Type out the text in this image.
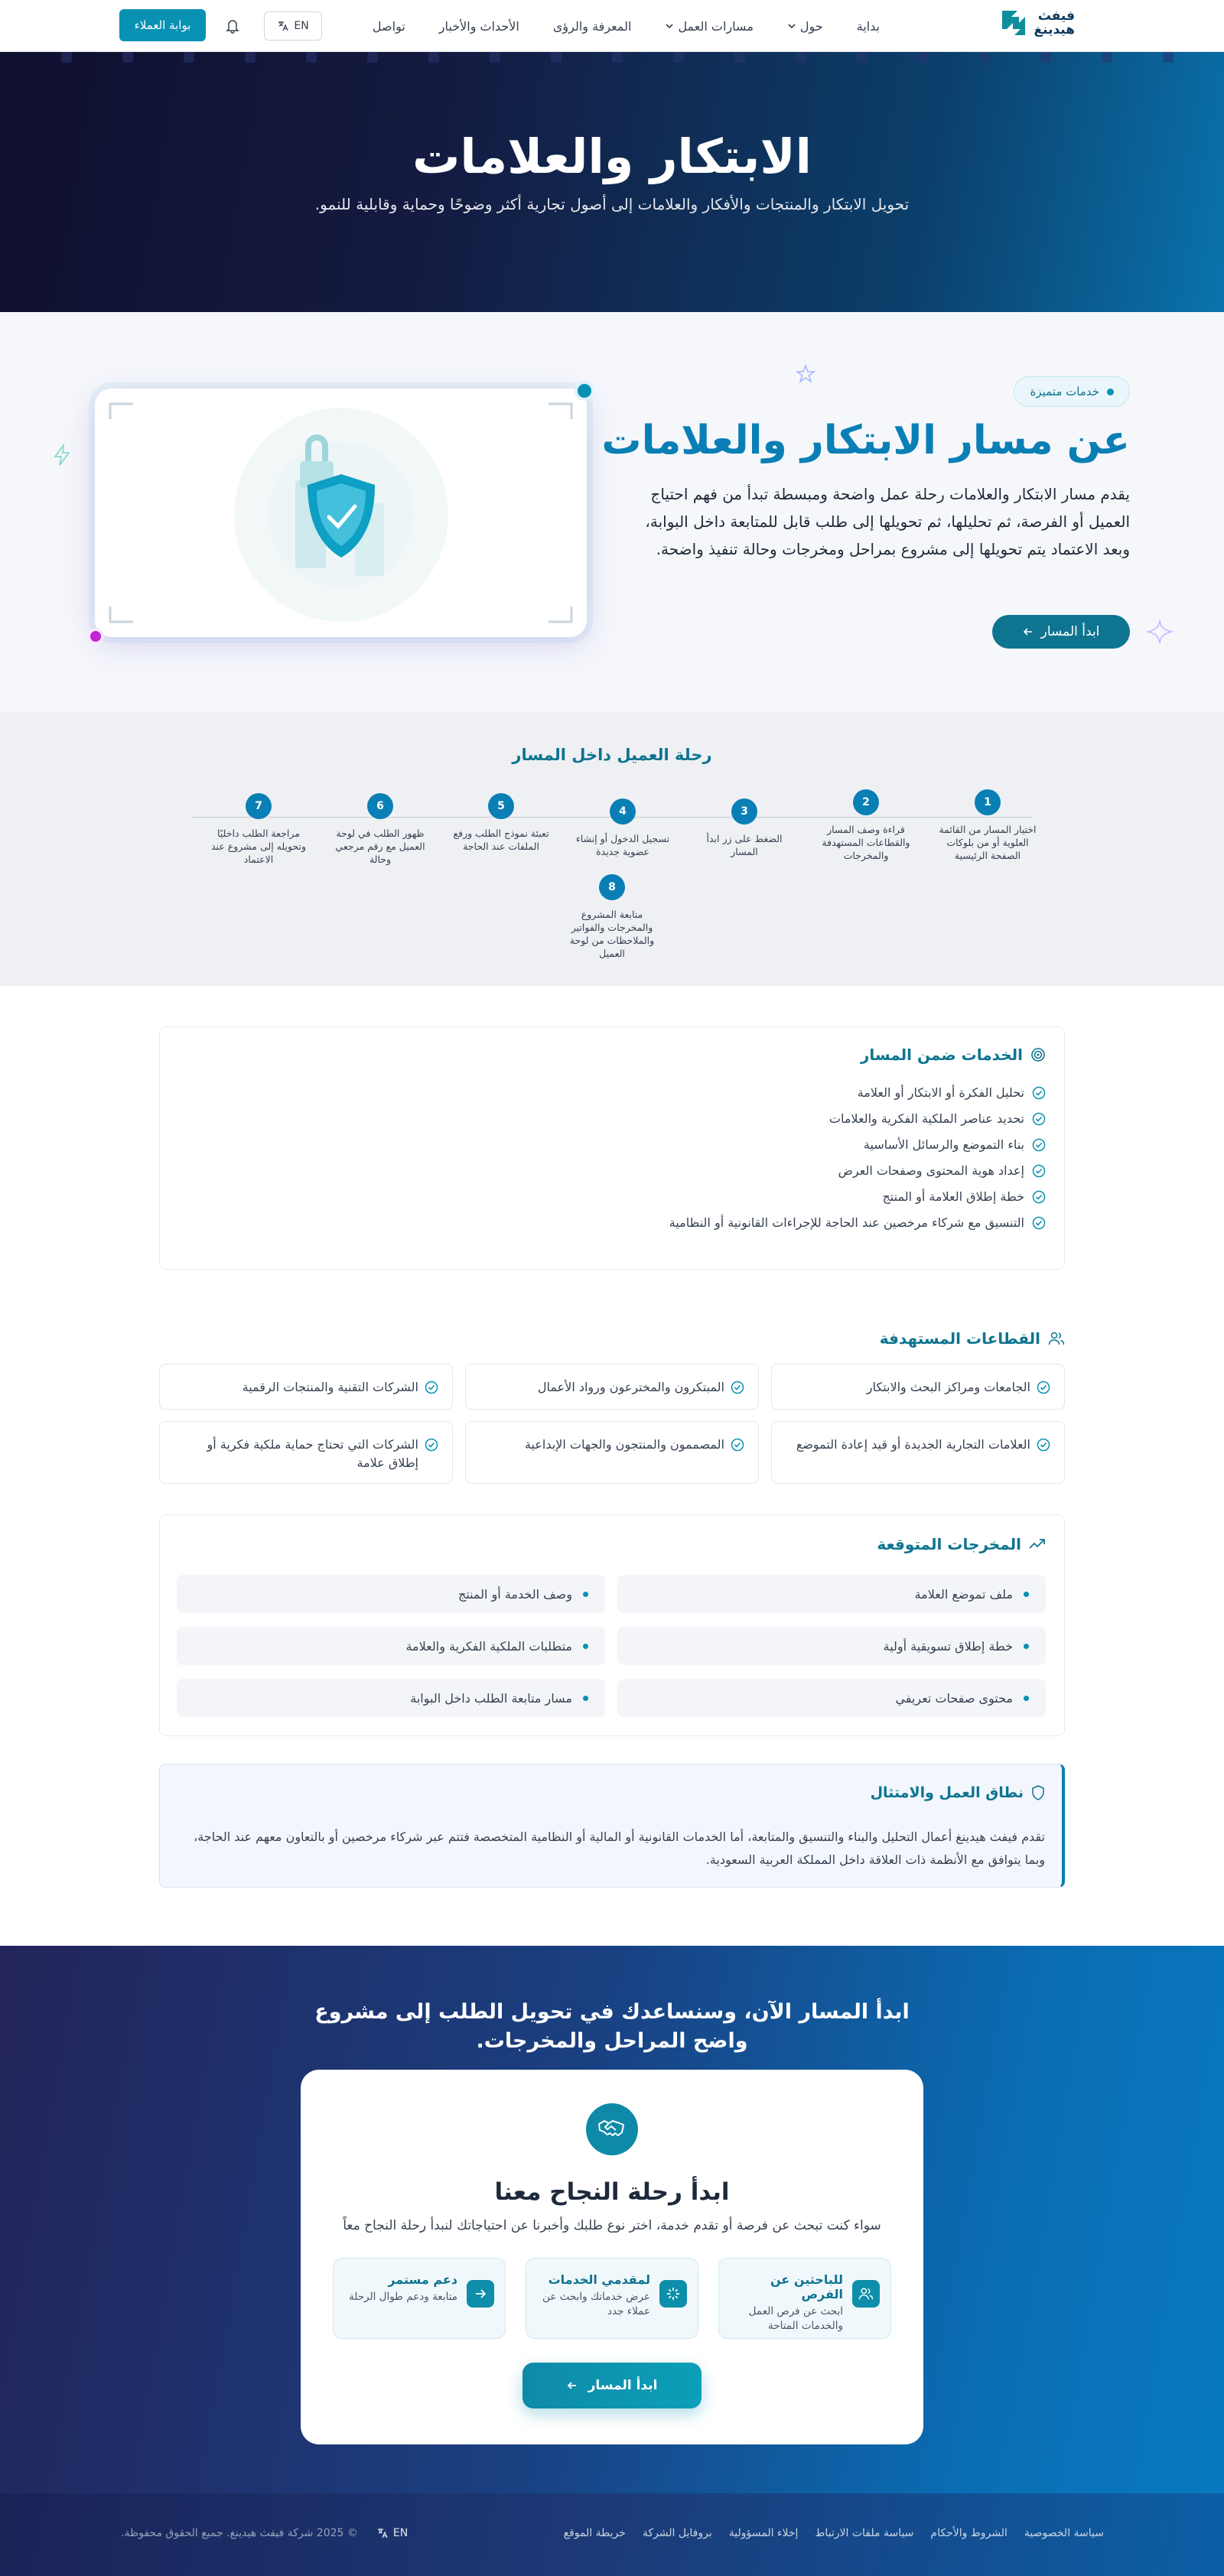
فيفث
هيدينغ
بداية
حول
مسارات العمل
المعرفة والرؤى
الأحداث والأخبار
تواصل
EN
بوابة العملاء
الابتكار والعلامات

تحويل الابتكار والمنتجات والأفكار والعلامات إلى أصول تجارية أكثر وضوحًا وحماية وقابلية للنمو.

خدمات متميزة
عن مسار الابتكار والعلامات

يقدم مسار الابتكار والعلامات رحلة عمل واضحة ومبسطة تبدأ من فهم احتياج العميل أو الفرصة، ثم تحليلها، ثم تحويلها إلى طلب قابل للمتابعة داخل البوابة، وبعد الاعتماد يتم تحويلها إلى مشروع بمراحل ومخرجات وحالة تنفيذ واضحة.

ابدأ المسار
رحلة العميل داخل المسار
1
اختيار المسار من القائمة العلوية أو من بلوكات الصفحة الرئيسية
2
قراءة وصف المسار والقطاعات المستهدفة والمخرجات
3
الضغط على زر ابدأ المسار
4
تسجيل الدخول أو إنشاء عضوية جديدة
5
تعبئة نموذج الطلب ورفع الملفات عند الحاجة
6
ظهور الطلب في لوحة العميل مع رقم مرجعي وحالة
7
مراجعة الطلب داخليًا وتحويله إلى مشروع عند الاعتماد
8
متابعة المشروع والمخرجات والفواتير والملاحظات من لوحة العميل
الخدمات ضمن المسار
تحليل الفكرة أو الابتكار أو العلامة
تحديد عناصر الملكية الفكرية والعلامات
بناء التموضع والرسائل الأساسية
إعداد هوية المحتوى وصفحات العرض
خطة إطلاق العلامة أو المنتج
التنسيق مع شركاء مرخصين عند الحاجة للإجراءات القانونية أو النظامية
القطاعات المستهدفة
الجامعات ومراكز البحث والابتكار
المبتكرون والمخترعون ورواد الأعمال
الشركات التقنية والمنتجات الرقمية
العلامات التجارية الجديدة أو قيد إعادة التموضع
المصممون والمنتجون والجهات الإبداعية
الشركات التي تحتاج حماية ملكية فكرية أو إطلاق علامة
المخرجات المتوقعة
ملف تموضع العلامة
وصف الخدمة أو المنتج
خطة إطلاق تسويقية أولية
متطلبات الملكية الفكرية والعلامة
محتوى صفحات تعريفي
مسار متابعة الطلب داخل البوابة
نطاق العمل والامتثال

تقدم فيفث هيدينغ أعمال التحليل والبناء والتنسيق والمتابعة، أما الخدمات القانونية أو المالية أو النظامية المتخصصة فتتم عبر شركاء مرخصين أو بالتعاون معهم عند الحاجة، وبما يتوافق مع الأنظمة ذات العلاقة داخل المملكة العربية السعودية.

ابدأ المسار الآن، وسنساعدك في تحويل الطلب إلى مشروع واضح المراحل والمخرجات.
ابدأ رحلة النجاح معنا

سواء كنت تبحث عن فرصة أو تقدم خدمة، اختر نوع طلبك وأخبرنا عن احتياجاتك لنبدأ رحلة النجاح معاً

للباحثين عن الفرص
ابحث عن فرص العمل والخدمات المتاحة
لمقدمي الخدمات
عرض خدماتك وابحث عن عملاء جدد
دعم مستمر
متابعة ودعم طوال الرحلة
ابدأ المسار
سياسة الخصوصية
الشروط والأحكام
سياسة ملفات الارتباط
إخلاء المسؤولية
بروفايل الشركة
خريطة الموقع
EN
© 2025 شركة فيفث هيدينغ. جميع الحقوق محفوظة.
